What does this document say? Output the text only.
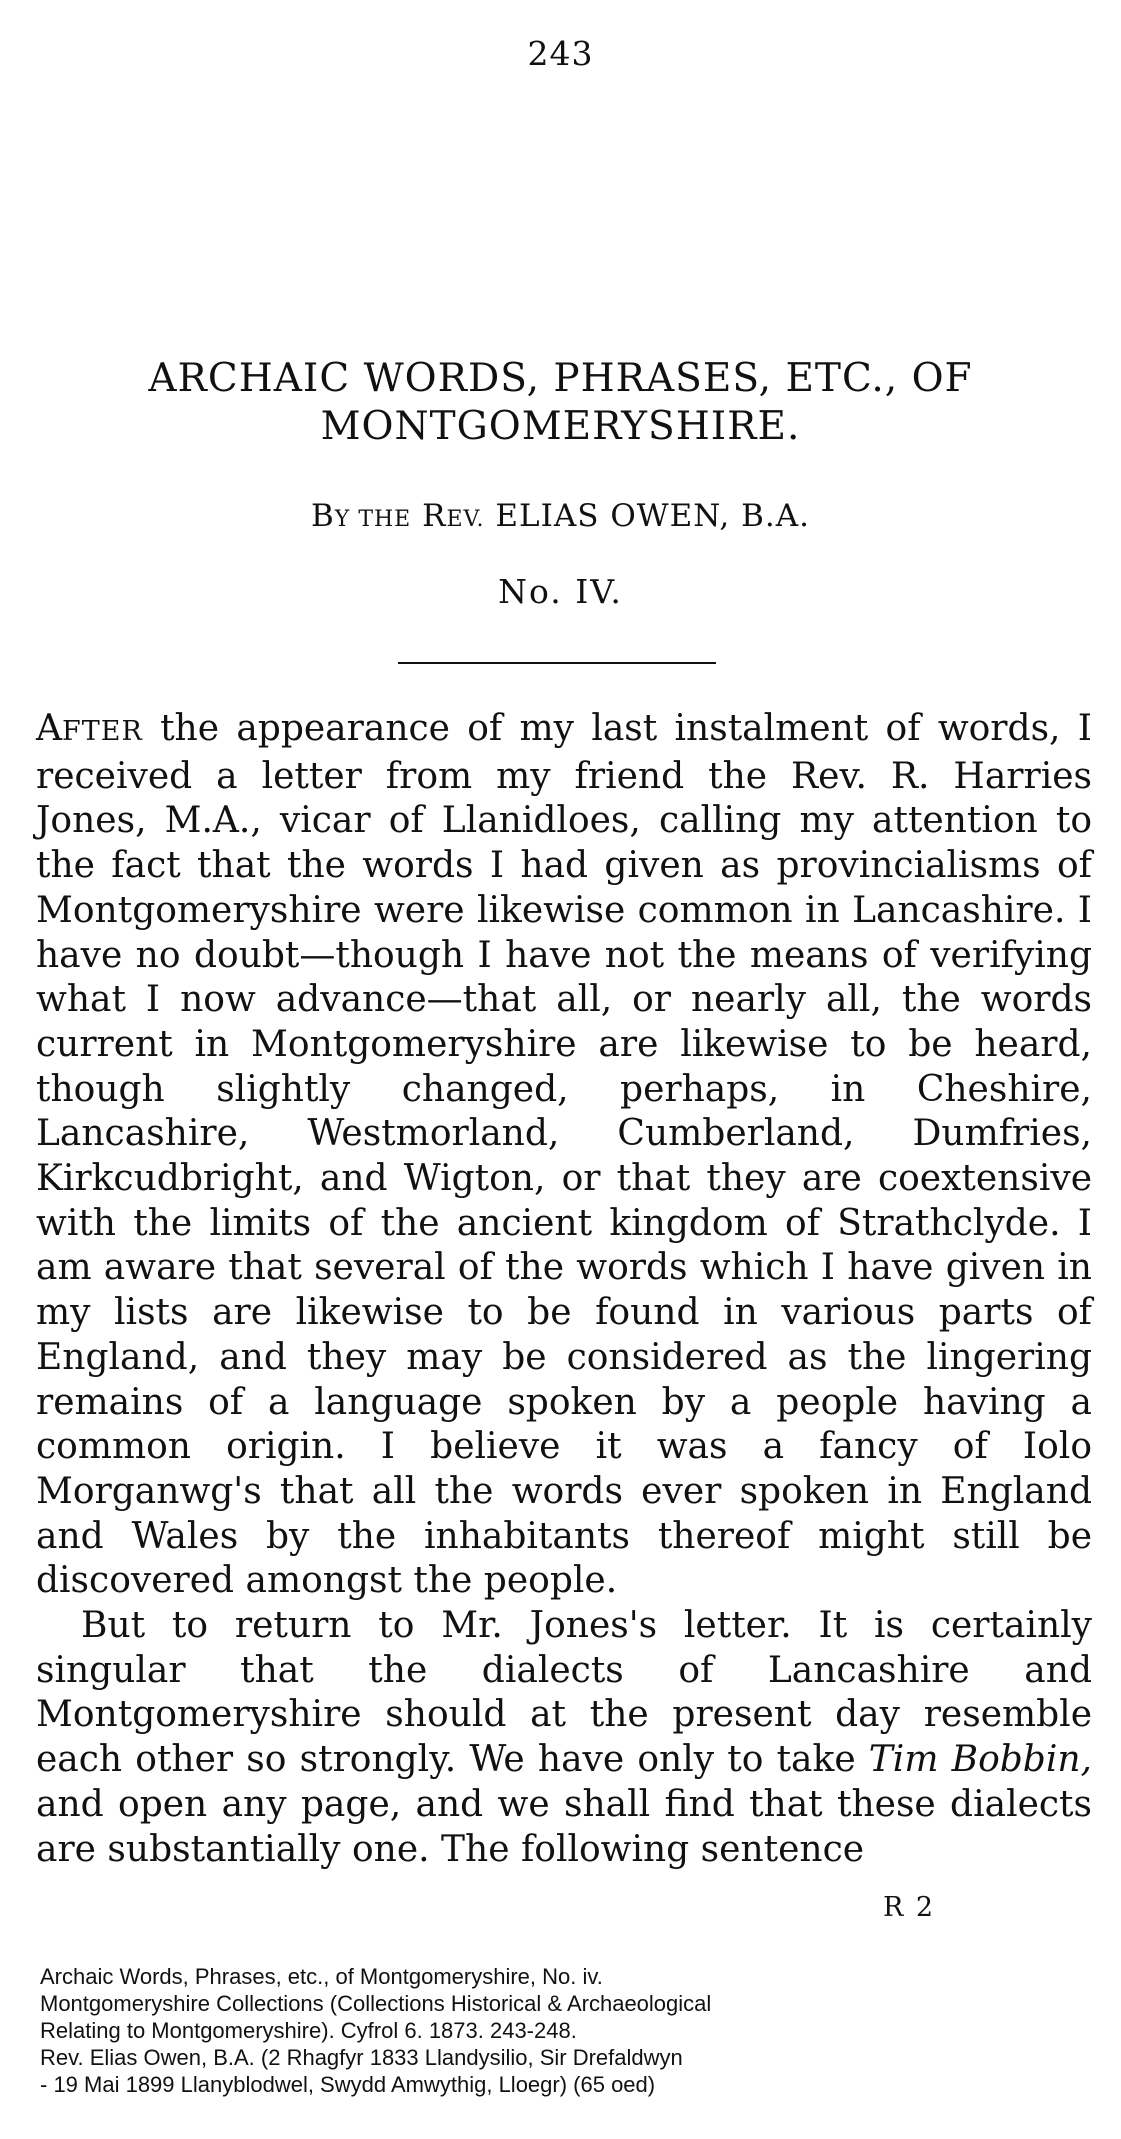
243
ARCHAIC WORDS, PHRASES, ETC., OF
MONTGOMERYSHIRE.
BY THE REV. ELIAS OWEN, B.A.
No. IV.

AFTER the appearance of my last instalment of words, I received a letter from my friend the Rev. R. Harries Jones, M.A., vicar of Llanidloes, calling my attention to the fact that the words I had given as provincialisms of Montgomeryshire were likewise common in Lancashire. I have no doubt—though I have not the means of verifying what I now advance—that all, or nearly all, the words current in Montgomeryshire are likewise to be heard, though slightly changed, perhaps, in Cheshire, Lancashire, Westmorland, Cumberland, Dumfries, Kirkcudbright, and Wigton, or that they are coextensive with the limits of the ancient kingdom of Strathclyde. I am aware that several of the words which I have given in my lists are likewise to be found in various parts of England, and they may be considered as the lingering remains of a language spoken by a people having a common origin. I believe it was a fancy of Iolo Morganwg's that all the words ever spoken in England and Wales by the inhabitants thereof might still be discovered amongst the people.

But to return to Mr. Jones's letter. It is certainly singular that the dialects of Lancashire and Montgomeryshire should at the present day resemble each other so strongly. We have only to take Tim Bobbin, and open any page, and we shall find that these dialects are substantially one. The following sentence

R 2
Archaic Words, Phrases, etc., of Montgomeryshire, No. iv.
Montgomeryshire Collections (Collections Historical & Archaeological
Relating to Montgomeryshire). Cyfrol 6. 1873. 243-248.
Rev. Elias Owen, B.A. (2 Rhagfyr 1833 Llandysilio, Sir Drefaldwyn
- 19 Mai 1899 Llanyblodwel, Swydd Amwythig, Lloegr) (65 oed)
